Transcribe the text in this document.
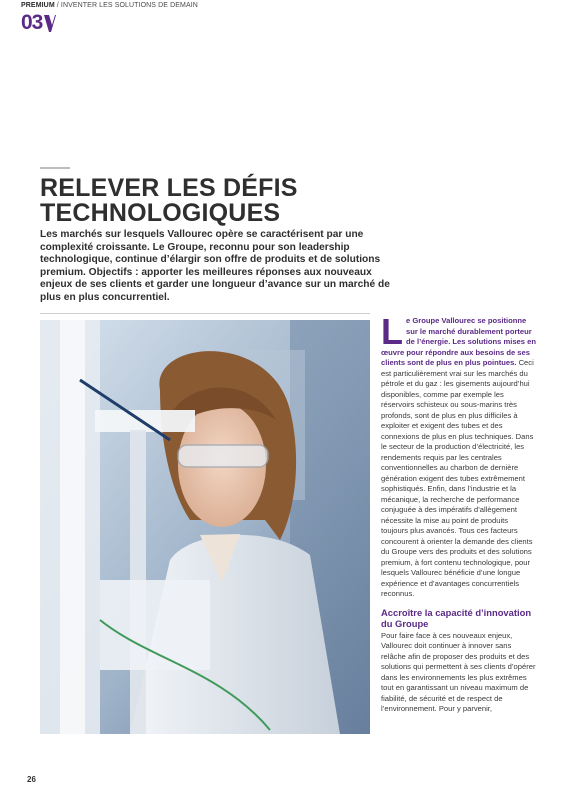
PREMIUM / INVENTER LES SOLUTIONS DE DEMAIN
03
RELEVER LES DÉFIS
TECHNOLOGIQUES

Les marchés sur lesquels Vallourec opère se caractérisent par une complexité croissante. Le Groupe, reconnu pour son leadership technologique, continue d’élargir son offre de produits et de solutions premium. Objectifs : apporter les meilleures réponses aux nouveaux enjeux de ses clients et garder une longueur d’avance sur un marché de plus en plus concurrentiel.

L e Groupe Vallourec se positionne sur le marché durablement porteur de l’énergie. Les solutions mises en œuvre pour répondre aux besoins de ses clients sont de plus en plus pointues. Ceci est particulièrement vrai sur les marchés du pétrole et du gaz : les gisements aujourd’hui disponibles, comme par exemple les réservoirs schisteux ou sous-marins très profonds, sont de plus en plus difficiles à exploiter et exigent des tubes et des connexions de plus en plus techniques. Dans le secteur de la production d’électricité, les rendements requis par les centrales conventionnelles au charbon de dernière génération exigent des tubes extrêmement sophistiqués. Enfin, dans l’industrie et la mécanique, la recherche de performance conjuguée à des impératifs d’allègement nécessite la mise au point de produits toujours plus avancés. Tous ces facteurs concourent à orienter la demande des clients du Groupe vers des produits et des solutions premium, à fort contenu technologique, pour lesquels Vallourec bénéficie d’une longue expérience et d’avantages concurrentiels reconnus.
Accroître la capacité d’innovation du Groupe
Pour faire face à ces nouveaux enjeux, Vallourec doit continuer à innover sans relâche afin de proposer des produits et des solutions qui permettent à ses clients d’opérer dans les environnements les plus extrêmes tout en garantissant un niveau maximum de fiabilité, de sécurité et de respect de l’environnement. Pour y parvenir,
26
